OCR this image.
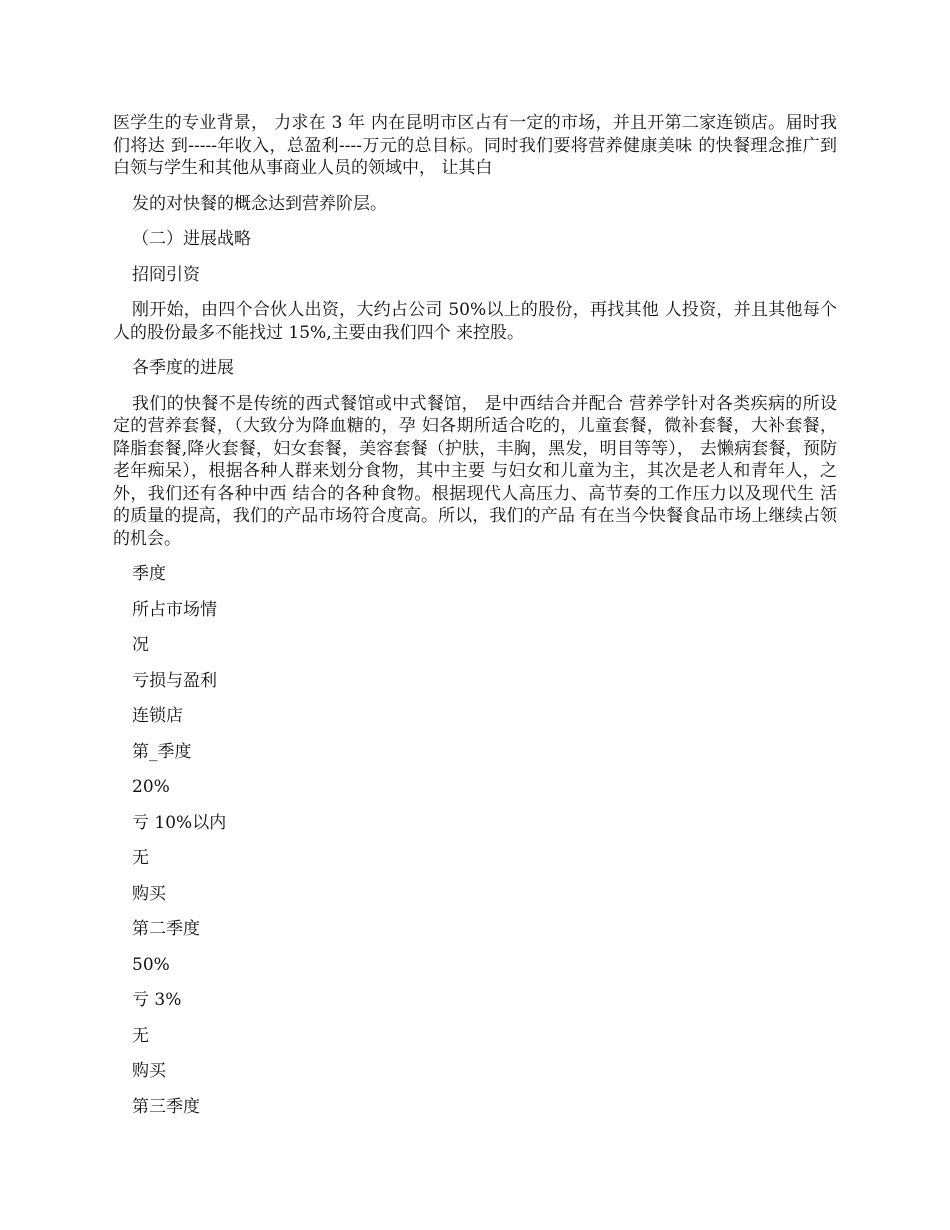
医学生的专业背景， 力求在 3 年 内在昆明市区占有一定的市场，并且开第二家连锁店。届时我们将达 到-----年收入，总盈利----万元的总目标。同时我们要将营养健康美味 的快餐理念推广到白领与学生和其他从事商业人员的领域中， 让其白

发的对快餐的概念达到营养阶层。

（二）进展战略

招冏引资

刚开始，由四个合伙人出资，大约占公司 50%以上的股份，再找其他 人投资，并且其他每个人的股份最多不能找过 15%,主要由我们四个 来控股。

各季度的进展

我们的快餐不是传统的西式餐馆或中式餐馆， 是中西结合并配合 营养学针对各类疾病的所设定的营养套餐，（大致分为降血糖的，孕 妇各期所适合吃的，儿童套餐，微补套餐，大补套餐，降脂套餐,降火套餐，妇女套餐，美容套餐（护肤，丰胸，黑发，明目等等）， 去懒病套餐，预防老年痴呆），根据各种人群来划分食物，其中主要 与妇女和儿童为主，其次是老人和青年人，之外，我们还有各种中西 结合的各种食物。根据现代人高压力、高节奏的工作压力以及现代生 活的质量的提高，我们的产品市场符合度高。所以，我们的产品 有在当今快餐食品市场上继续占领的机会。

季度
所占市场情
况
亏损与盈利
连锁店
第_季度
20%
亏 10%以内
无
购买
第二季度
50%
亏 3%
无
购买
第三季度
